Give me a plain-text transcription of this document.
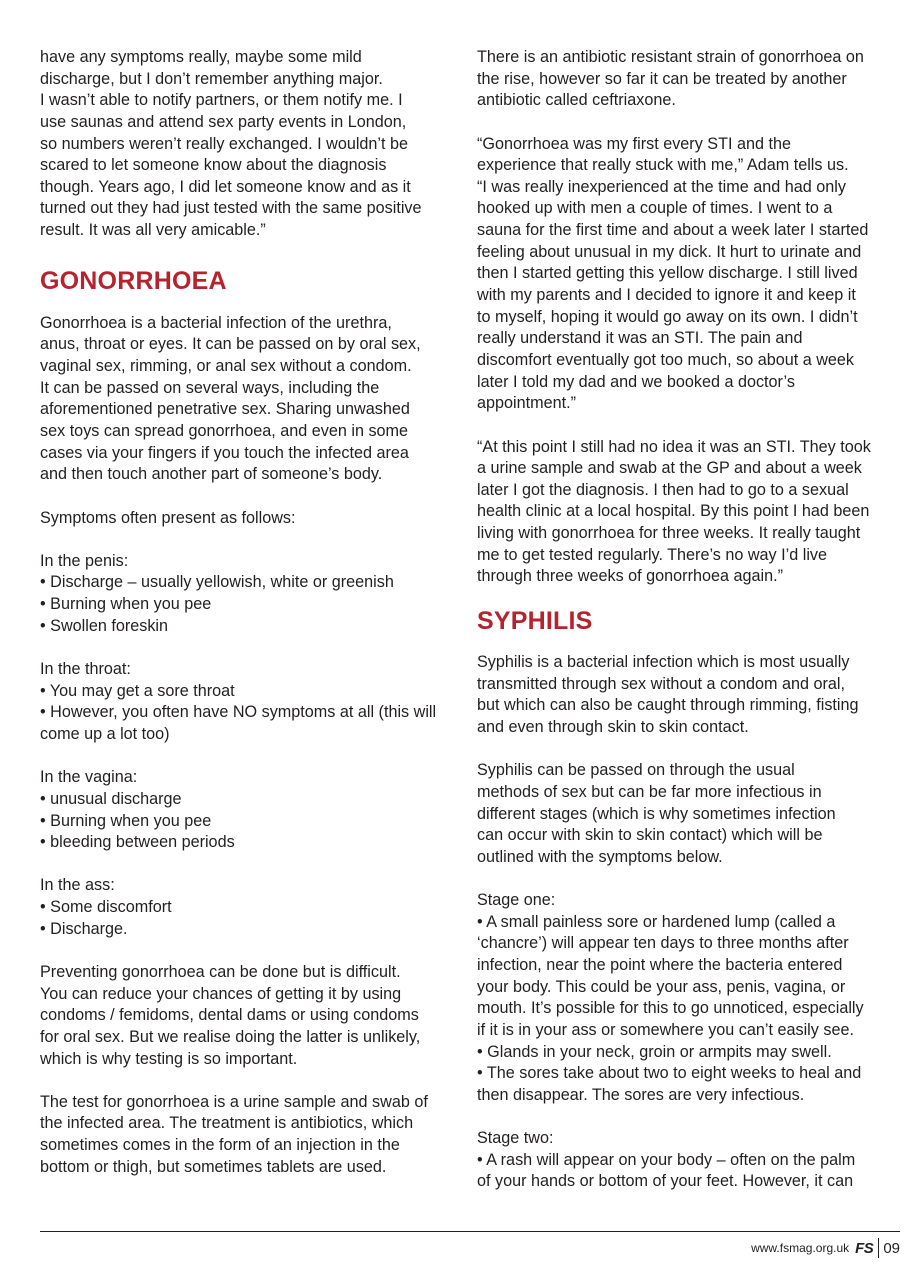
have any symptoms really, maybe some mild
discharge, but I don’t remember anything major.
I wasn’t able to notify partners, or them notify me. I
use saunas and attend sex party events in London,
so numbers weren’t really exchanged. I wouldn’t be
scared to let someone know about the diagnosis
though. Years ago, I did let someone know and as it
turned out they had just tested with the same positive
result. It was all very amicable.”
GONORRHOEA
Gonorrhoea is a bacterial infection of the urethra,
anus, throat or eyes. It can be passed on by oral sex,
vaginal sex, rimming, or anal sex without a condom.
It can be passed on several ways, including the
aforementioned penetrative sex. Sharing unwashed
sex toys can spread gonorrhoea, and even in some
cases via your fingers if you touch the infected area
and then touch another part of someone’s body.
Symptoms often present as follows:
In the penis:
• Discharge – usually yellowish, white or greenish
• Burning when you pee
• Swollen foreskin
In the throat:
• You may get a sore throat
• However, you often have NO symptoms at all (this will
come up a lot too)
In the vagina:
• unusual discharge
• Burning when you pee
• bleeding between periods
In the ass:
• Some discomfort
• Discharge.
Preventing gonorrhoea can be done but is difficult.
You can reduce your chances of getting it by using
condoms / femidoms, dental dams or using condoms
for oral sex. But we realise doing the latter is unlikely,
which is why testing is so important.
The test for gonorrhoea is a urine sample and swab of
the infected area. The treatment is antibiotics, which
sometimes comes in the form of an injection in the
bottom or thigh, but sometimes tablets are used.
There is an antibiotic resistant strain of gonorrhoea on
the rise, however so far it can be treated by another
antibiotic called ceftriaxone.
“Gonorrhoea was my first every STI and the
experience that really stuck with me,” Adam tells us.
“I was really inexperienced at the time and had only
hooked up with men a couple of times. I went to a
sauna for the first time and about a week later I started
feeling about unusual in my dick. It hurt to urinate and
then I started getting this yellow discharge. I still lived
with my parents and I decided to ignore it and keep it
to myself, hoping it would go away on its own. I didn’t
really understand it was an STI. The pain and
discomfort eventually got too much, so about a week
later I told my dad and we booked a doctor’s
appointment.”
“At this point I still had no idea it was an STI. They took
a urine sample and swab at the GP and about a week
later I got the diagnosis. I then had to go to a sexual
health clinic at a local hospital. By this point I had been
living with gonorrhoea for three weeks. It really taught
me to get tested regularly. There’s no way I’d live
through three weeks of gonorrhoea again.”
SYPHILIS
Syphilis is a bacterial infection which is most usually
transmitted through sex without a condom and oral,
but which can also be caught through rimming, fisting
and even through skin to skin contact.
Syphilis can be passed on through the usual
methods of sex but can be far more infectious in
different stages (which is why sometimes infection
can occur with skin to skin contact) which will be
outlined with the symptoms below.
Stage one:
• A small painless sore or hardened lump (called a
‘chancre’) will appear ten days to three months after
infection, near the point where the bacteria entered
your body. This could be your ass, penis, vagina, or
mouth. It’s possible for this to go unnoticed, especially
if it is in your ass or somewhere you can’t easily see.
• Glands in your neck, groin or armpits may swell.
• The sores take about two to eight weeks to heal and
then disappear. The sores are very infectious.
Stage two:
• A rash will appear on your body – often on the palm
of your hands or bottom of your feet. However, it can
www.fsmag.org.uk FS 09
